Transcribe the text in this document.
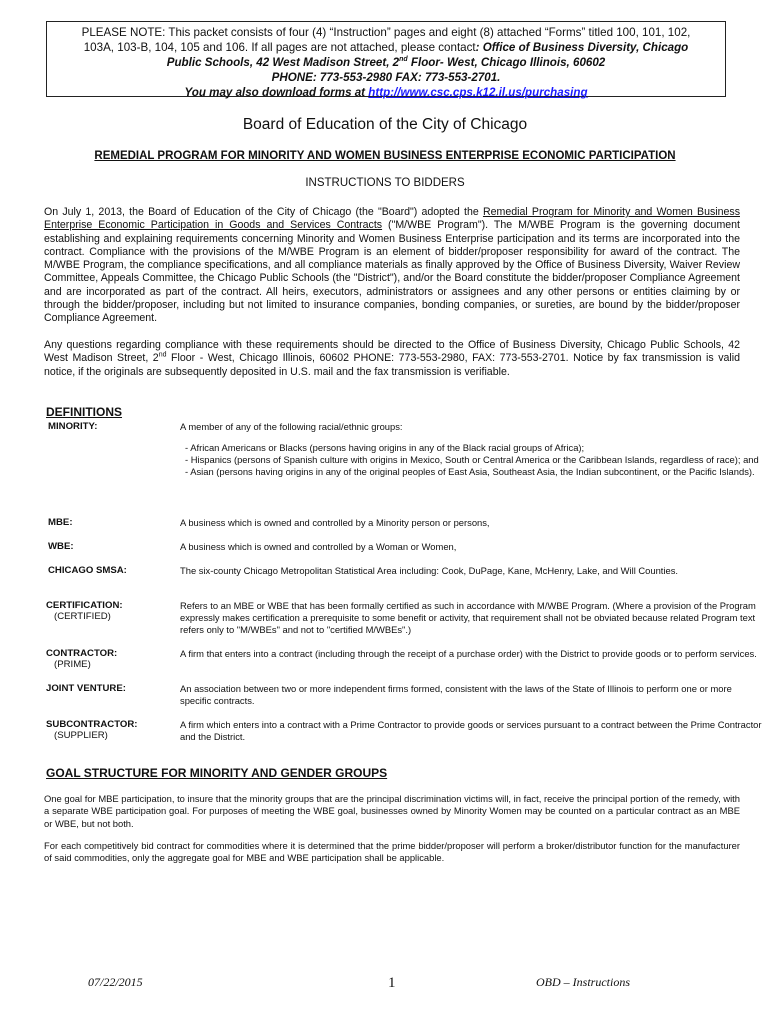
PLEASE NOTE: This packet consists of four (4) “Instruction” pages and eight (8) attached “Forms” titled 100, 101, 102,
103A, 103-B, 104, 105 and 106. If all pages are not attached, please contact: Office of Business Diversity, Chicago
Public Schools, 42 West Madison Street, 2nd Floor- West, Chicago Illinois, 60602
PHONE: 773-553-2980 FAX: 773-553-2701.
You may also download forms at http://www.csc.cps.k12.il.us/purchasing
Board of Education of the City of Chicago
REMEDIAL PROGRAM FOR MINORITY AND WOMEN BUSINESS ENTERPRISE ECONOMIC PARTICIPATION
INSTRUCTIONS TO BIDDERS
On July 1, 2013, the Board of Education of the City of Chicago (the "Board") adopted the Remedial Program for Minority and Women Business Enterprise Economic Participation in Goods and Services Contracts ("M/WBE Program"). The M/WBE Program is the governing document establishing and explaining requirements concerning Minority and Women Business Enterprise participation and its terms are incorporated into the contract. Compliance with the provisions of the M/WBE Program is an element of bidder/proposer responsibility for award of the contract. The M/WBE Program, the compliance specifications, and all compliance materials as finally approved by the Office of Business Diversity, Waiver Review Committee, Appeals Committee, the Chicago Public Schools (the "District"), and/or the Board constitute the bidder/proposer Compliance Agreement and are incorporated as part of the contract. All heirs, executors, administrators or assignees and any other persons or entities claiming by or through the bidder/proposer, including but not limited to insurance companies, bonding companies, or sureties, are bound by the bidder/proposer Compliance Agreement.
Any questions regarding compliance with these requirements should be directed to the Office of Business Diversity, Chicago Public Schools, 42 West Madison Street, 2nd Floor - West, Chicago Illinois, 60602 PHONE: 773-553-2980, FAX: 773-553-2701. Notice by fax transmission is valid notice, if the originals are subsequently deposited in U.S. mail and the fax transmission is verifiable.
DEFINITIONS
MINORITY:	A member of any of the following racial/ethnic groups:
- African Americans or Blacks (persons having origins in any of the Black racial groups of Africa);
- Hispanics (persons of Spanish culture with origins in Mexico, South or Central America or the Caribbean Islands, regardless of race); and
- Asian (persons having origins in any of the original peoples of East Asia, Southeast Asia, the Indian subcontinent, or the Pacific Islands).
MBE:	A business which is owned and controlled by a Minority person or persons,
WBE:	A business which is owned and controlled by a Woman or Women,
CHICAGO SMSA:	The six-county Chicago Metropolitan Statistical Area including: Cook, DuPage, Kane, McHenry, Lake, and Will Counties.
CERTIFICATION:
(CERTIFIED)
Refers to an MBE or WBE that has been formally certified as such in accordance with M/WBE Program. (Where a provision of the Program expressly makes certification a prerequisite to some benefit or activity, that requirement shall not be obviated because related Program text refers only to "M/WBEs" and not to "certified M/WBEs".)
CONTRACTOR:
(PRIME)
A firm that enters into a contract (including through the receipt of a purchase order) with the District to provide goods or to perform services.
JOINT VENTURE:	An association between two or more independent firms formed, consistent with the laws of the State of Illinois to perform one or more specific contracts.
SUBCONTRACTOR:
(SUPPLIER)
A firm which enters into a contract with a Prime Contractor to provide goods or services pursuant to a contract between the Prime Contractor and the District.
GOAL STRUCTURE FOR MINORITY AND GENDER GROUPS
One goal for MBE participation, to insure that the minority groups that are the principal discrimination victims will, in fact, receive the principal portion of the remedy, with a separate WBE participation goal. For purposes of meeting the WBE goal, businesses owned by Minority Women may be counted on a particular contract as an MBE or WBE, but not both.
For each competitively bid contract for commodities where it is determined that the prime bidder/proposer will perform a broker/distributor function for the manufacturer of said commodities, only the aggregate goal for MBE and WBE participation shall be applicable.
07/22/2015	1	OBD – Instructions
